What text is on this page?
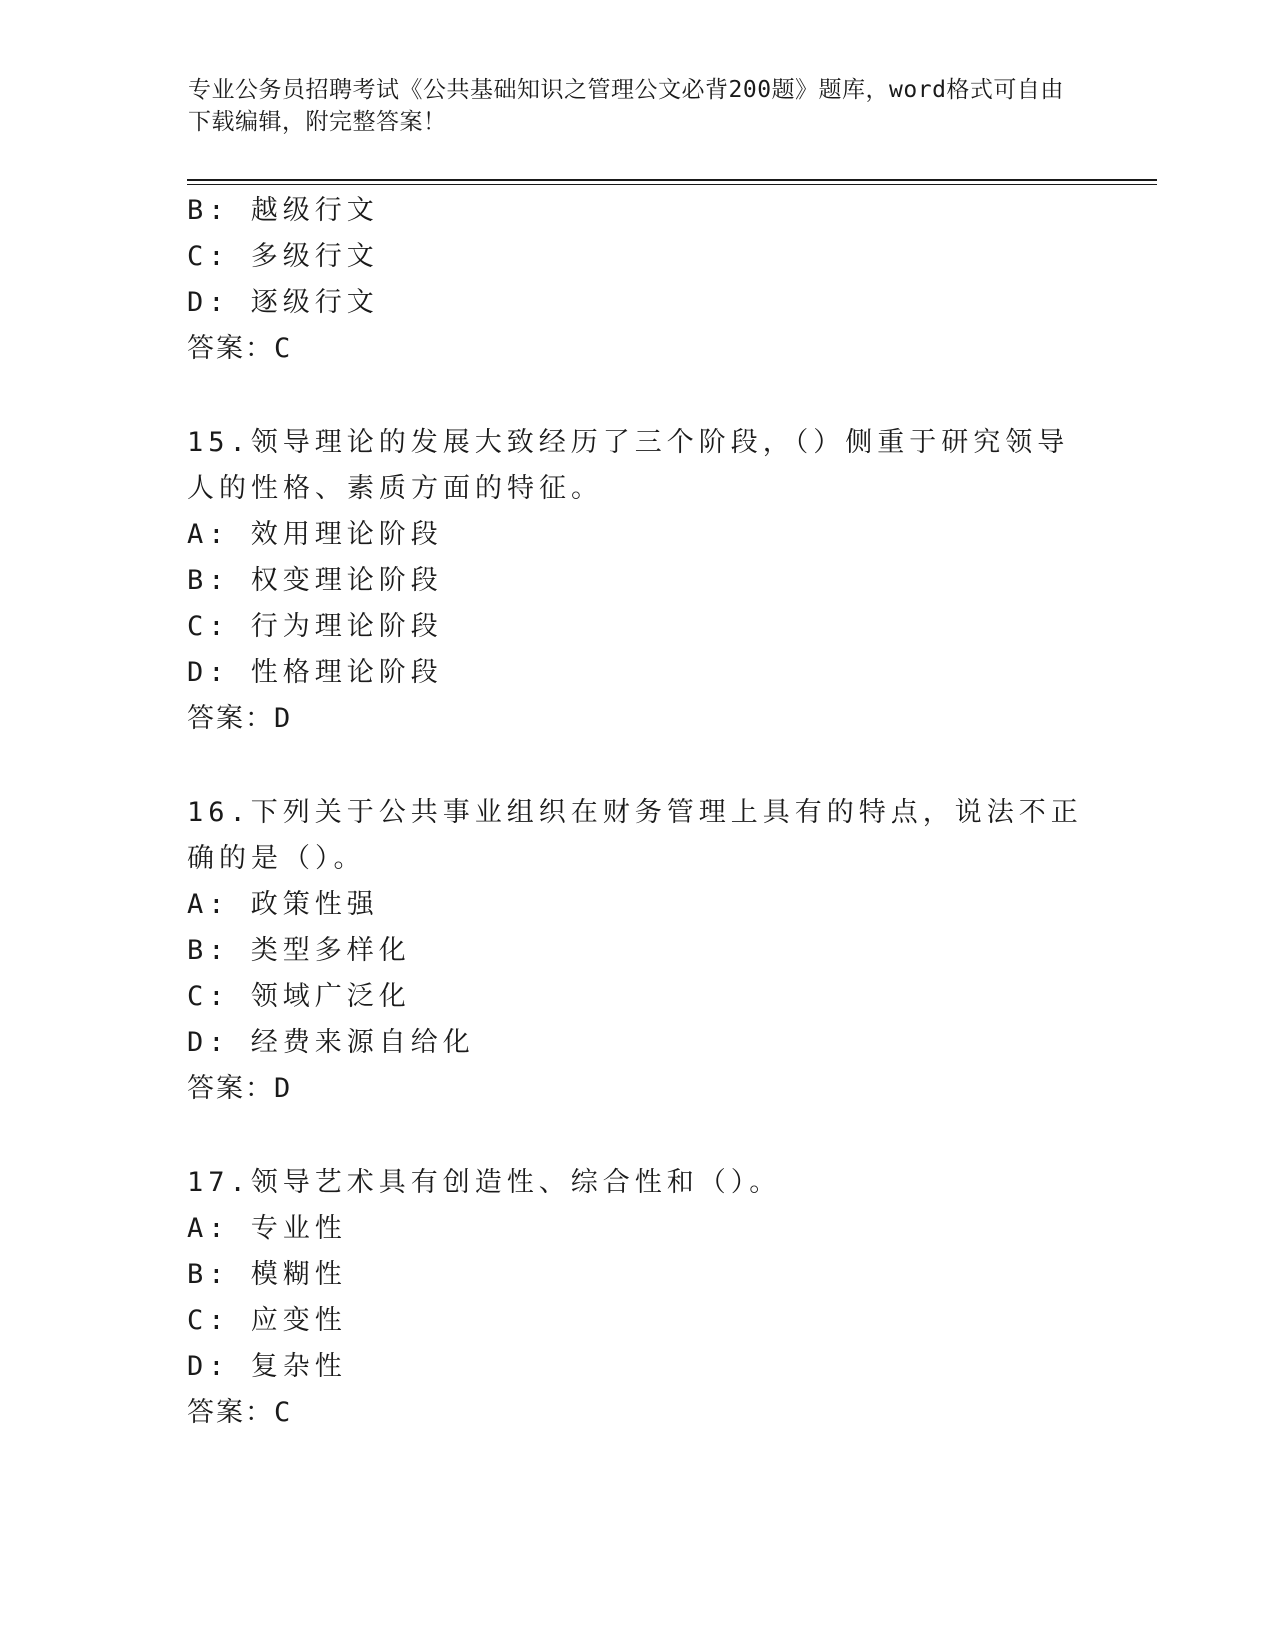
专业公务员招聘考试《公共基础知识之管理公文必背200题》题库，word格式可自由下载编辑，附完整答案！
B: 越级行文
C: 多级行文
D: 逐级行文
答案：C
15.领导理论的发展大致经历了三个阶段，（）侧重于研究领导人的性格、素质方面的特征。
A: 效用理论阶段
B: 权变理论阶段
C: 行为理论阶段
D: 性格理论阶段
答案：D
16.下列关于公共事业组织在财务管理上具有的特点，说法不正确的是（）。
A: 政策性强
B: 类型多样化
C: 领域广泛化
D: 经费来源自给化
答案：D
17.领导艺术具有创造性、综合性和（）。
A: 专业性
B: 模糊性
C: 应变性
D: 复杂性
答案：C
